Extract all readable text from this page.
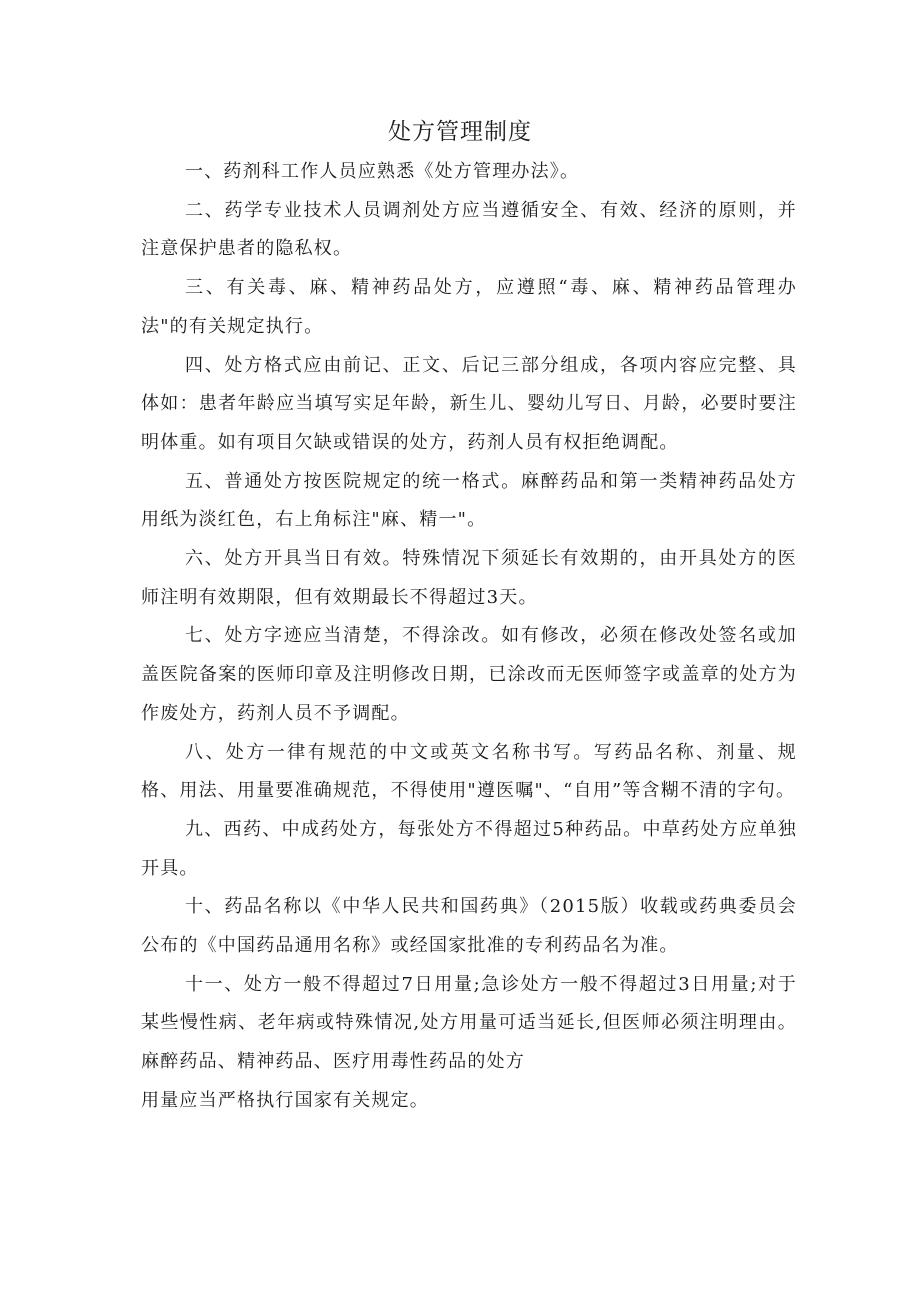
处方管理制度

一、药剂科工作人员应熟悉《处方管理办法》。

二、药学专业技术人员调剂处方应当遵循安全、有效、经济的原则，并注意保护患者的隐私权。

三、有关毒、麻、精神药品处方，应遵照“毒、麻、精神药品管理办法"的有关规定执行。

四、处方格式应由前记、正文、后记三部分组成，各项内容应完整、具体如：患者年龄应当填写实足年龄，新生儿、婴幼儿写日、月龄，必要时要注明体重。如有项目欠缺或错误的处方，药剂人员有权拒绝调配。

五、普通处方按医院规定的统一格式。麻醉药品和第一类精神药品处方用纸为淡红色，右上角标注"麻、精一"。

六、处方开具当日有效。特殊情况下须延长有效期的，由开具处方的医师注明有效期限，但有效期最长不得超过3天。

七、处方字迹应当清楚，不得涂改。如有修改，必须在修改处签名或加盖医院备案的医师印章及注明修改日期，已涂改而无医师签字或盖章的处方为作废处方，药剂人员不予调配。

八、处方一律有规范的中文或英文名称书写。写药品名称、剂量、规格、用法、用量要准确规范，不得使用"遵医嘱"、“自用”等含糊不清的字句。

九、西药、中成药处方，每张处方不得超过5种药品。中草药处方应单独开具。

十、药品名称以《中华人民共和国药典》（2015版）收载或药典委员会公布的《中国药品通用名称》或经国家批准的专利药品名为准。

十一、处方一般不得超过7日用量;急诊处方一般不得超过3日用量;对于某些慢性病、老年病或特殊情况,处方用量可适当延长,但医师必须注明理由。麻醉药品、精神药品、医疗用毒性药品的处方

用量应当严格执行国家有关规定。
